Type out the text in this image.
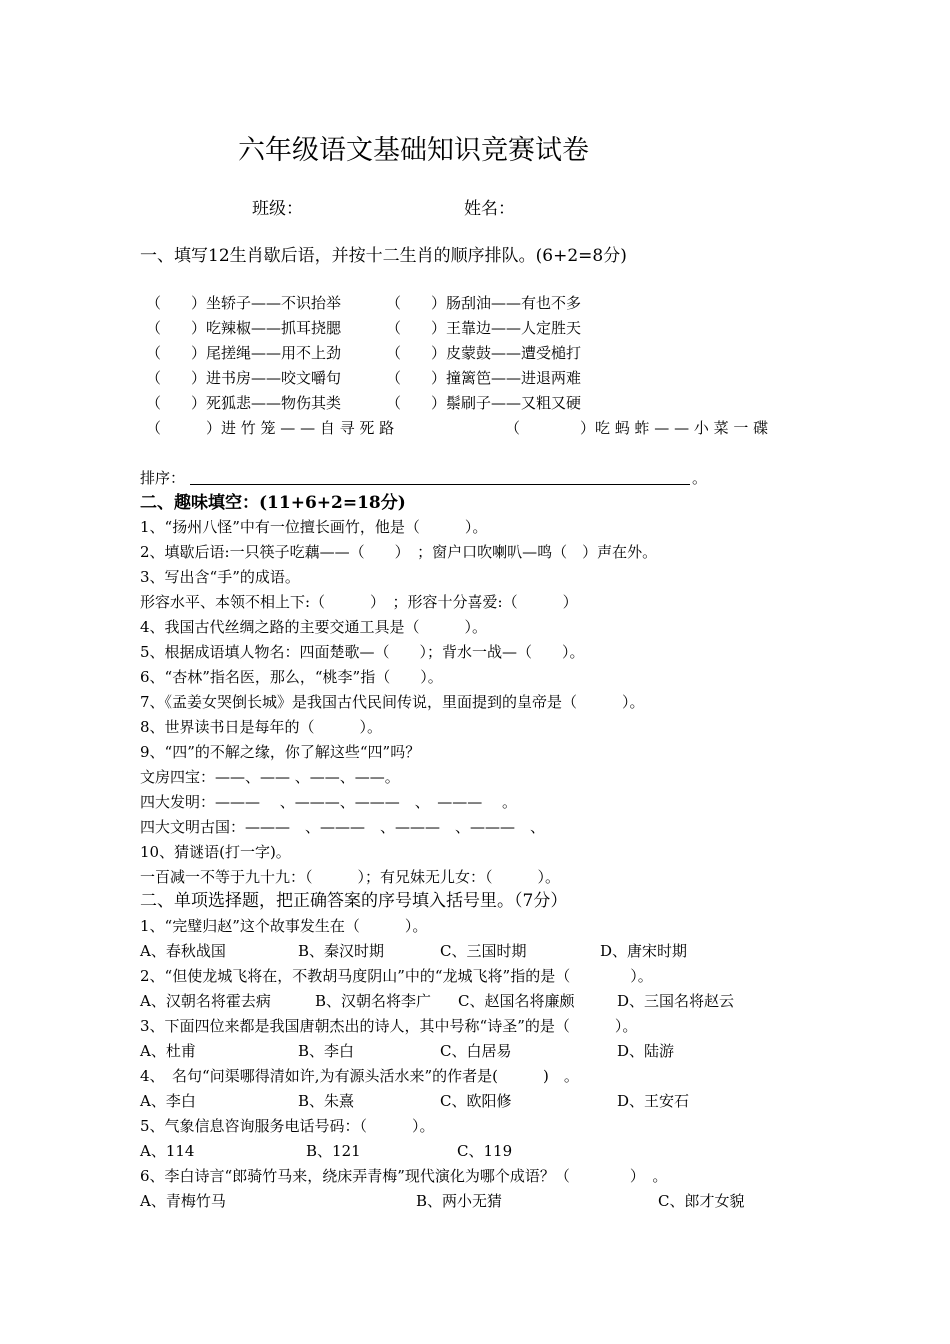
六年级语文基础知识竞赛试卷
班级：	姓名：
一、填写12生肖歇后语，并按十二生肖的顺序排队。(6+2=8分)
（　　）坐轿子——不识抬举	（　　）肠刮油——有也不多
（　　）吃辣椒——抓耳挠腮	（　　）王靠边——人定胜天
（　　）尾搓绳——用不上劲	（　　）皮蒙鼓——遭受槌打
（　　）进书房——咬文嚼句	（　　）撞篱笆——进退两难
（　　）死狐悲——物伤其类	（　　）鬃刷子——又粗又硬
（　　　）进 竹 笼 — — 自 寻 死 路	（　　　　）吃 蚂 蚱 — — 小 菜 一 碟
排序：	。
二、趣味填空：(11+6+2=18分)
1、“扬州八怪”中有一位擅长画竹，他是（　　　）。
2、填歇后语:一只筷子吃藕——（　　）　；窗户口吹喇叭—鸣（　）声在外。
3、写出含“手”的成语。
形容水平、本领不相上下:（　　　）　；形容十分喜爱:（　　　）
4、我国古代丝绸之路的主要交通工具是（　　　）。
5、根据成语填人物名：四面楚歌—（　　）；背水一战—（　　）。
6、“杏林”指名医，那么，“桃李”指（　　）。
7、《孟姜女哭倒长城》是我国古代民间传说，里面提到的皇帝是（　　　）。
8、世界读书日是每年的（　　　）。
9、“四”的不解之缘，你了解这些“四”吗？
文房四宝：——、—— 、——、——。
四大发明：———　 、———、———　、　———　 。
四大文明古国：———　、———　、———　、———　、
10、猜谜语(打一字)。
一百减一不等于九十九：（　　　）；有兄妹无儿女：（　　　）。
二、单项选择题，把正确答案的序号填入括号里。（7分）
1、“完璧归赵”这个故事发生在（　　　）。
A、春秋战国	B、秦汉时期	C、三国时期	D、唐宋时期
2、“但使龙城飞将在，不教胡马度阴山”中的“龙城飞将”指的是（　　　　）。
A、汉朝名将霍去病	B、汉朝名将李广 C、赵国名将廉颇	D、三国名将赵云
3、下面四位来都是我国唐朝杰出的诗人，其中号称“诗圣”的是（　　　）。
A、杜甫	B、李白	C、白居易	D、陆游
4、　名句“问渠哪得清如许,为有源头活水来”的作者是(　　　)　。
A、李白	B、朱熹	C、欧阳修	D、王安石
5、气象信息咨询服务电话号码：（　　　）。
A、114	B、121	C、119
6、李白诗言“郎骑竹马来，绕床弄青梅”现代演化为哪个成语？（　　　　）　。
A、青梅竹马	B、两小无猜	C、郎才女貌
